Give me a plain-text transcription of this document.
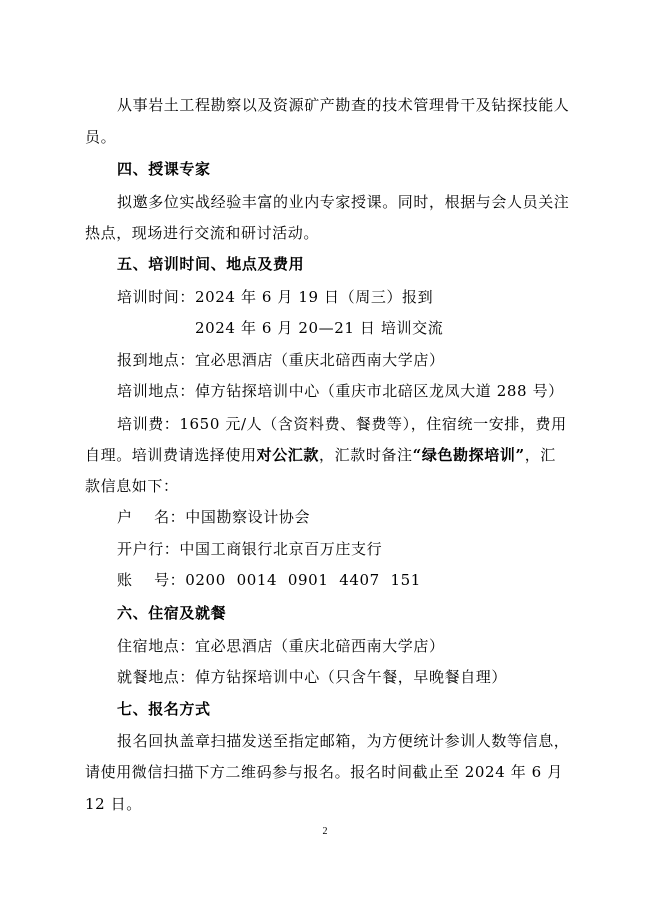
从事岩土工程勘察以及资源矿产勘查的技术管理骨干及钻探技能人
员。
四、授课专家
拟邀多位实战经验丰富的业内专家授课。同时，根据与会人员关注
热点，现场进行交流和研讨活动。
五、培训时间、地点及费用
培训时间：2024 年 6 月 19 日（周三）报到
2024 年 6 月 20—21 日 培训交流
报到地点：宜必思酒店（重庆北碚西南大学店）
培训地点：倬方钻探培训中心（重庆市北碚区龙凤大道 288 号）
培训费：1650 元/人（含资料费、餐费等），住宿统一安排，费用
自理。培训费请选择使用对公汇款，汇款时备注“绿色勘探培训”，汇
款信息如下：
户    名：中国勘察设计协会
开户行：中国工商银行北京百万庄支行
账    号：0200  0014  0901  4407  151
六、住宿及就餐
住宿地点：宜必思酒店（重庆北碚西南大学店）
就餐地点：倬方钻探培训中心（只含午餐，早晚餐自理）
七、报名方式
报名回执盖章扫描发送至指定邮箱，为方便统计参训人数等信息，
请使用微信扫描下方二维码参与报名。报名时间截止至 2024 年 6 月
12 日。
2
